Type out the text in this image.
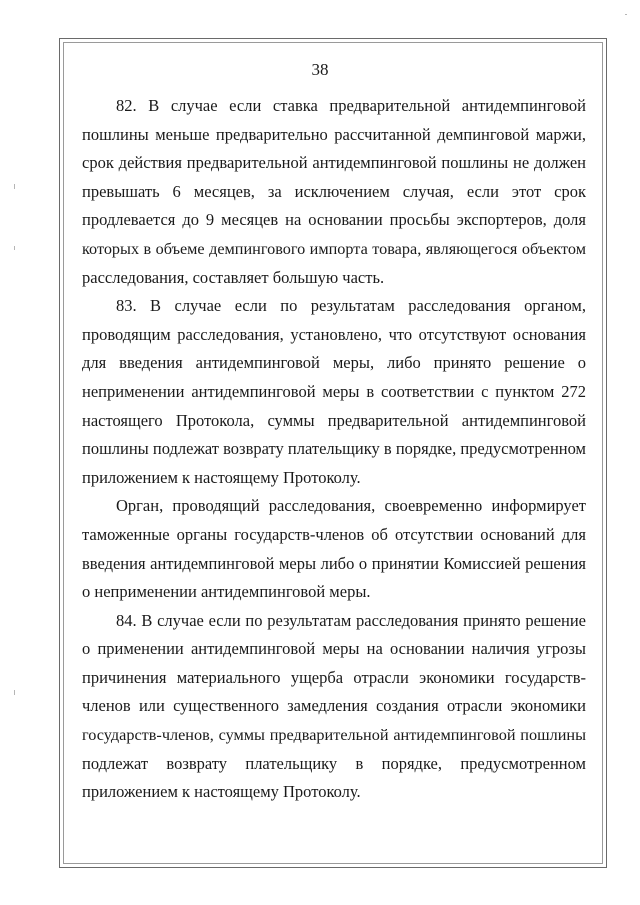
38

82. В случае если ставка предварительной антидемпинговой
пошлины меньше предварительно рассчитанной демпинговой маржи,
срок действия предварительной антидемпинговой пошлины не должен
превышать 6 месяцев, за исключением случая, если этот срок
продлевается до 9 месяцев на основании просьбы экспортеров, доля
которых в объеме демпингового импорта товара, являющегося объектом
расследования, составляет большую часть.

83. В случае если по результатам расследования органом,
проводящим расследования, установлено, что отсутствуют основания
для введения антидемпинговой меры, либо принято решение о
неприменении антидемпинговой меры в соответствии с пунктом 272
настоящего Протокола, суммы предварительной антидемпинговой
пошлины подлежат возврату плательщику в порядке, предусмотренном
приложением к настоящему Протоколу.

Орган, проводящий расследования, своевременно информирует
таможенные органы государств-членов об отсутствии оснований для
введения антидемпинговой меры либо о принятии Комиссией решения
о неприменении антидемпинговой меры.

84. В случае если по результатам расследования принято решение
о применении антидемпинговой меры на основании наличия угрозы
причинения материального ущерба отрасли экономики государств-
членов или существенного замедления создания отрасли экономики
государств-членов, суммы предварительной антидемпинговой пошлины
подлежат возврату плательщику в порядке, предусмотренном
приложением к настоящему Протоколу.
